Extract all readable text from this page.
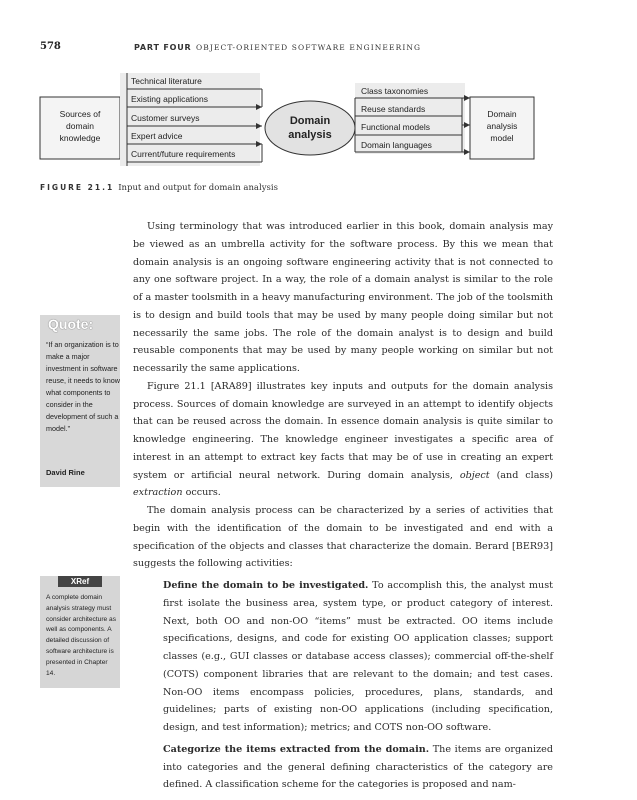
578	PART FOUR OBJECT-ORIENTED SOFTWARE ENGINEERING
Sources of
domain
knowledge
Technical literature
Existing applications
Customer surveys
Expert advice
Current/future requirements
Domain
analysis
Class taxonomies
Reuse standards
Functional models
Domain languages
Domain
analysis
model
FIGURE 21.1 Input and output for domain analysis
Quote:
“If an organization is to make a major investment in software reuse, it needs to know what components to consider in the development of such a model.”
David Rine
XRef
A complete domain analysis strategy must consider architecture as well as components. A detailed discussion of software architecture is presented in Chapter 14.

Using terminology that was introduced earlier in this book, domain analysis may be viewed as an umbrella activity for the software process. By this we mean that domain analysis is an ongoing software engineering activity that is not connected to any one software project. In a way, the role of a domain analyst is similar to the role of a master toolsmith in a heavy manufacturing environment. The job of the toolsmith is to design and build tools that may be used by many people doing similar but not necessarily the same jobs. The role of the domain analyst is to design and build reusable components that may be used by many people working on similar but not necessarily the same applications.

Figure 21.1 [ARA89] illustrates key inputs and outputs for the domain analysis process. Sources of domain knowledge are surveyed in an attempt to identify objects that can be reused across the domain. In essence domain analysis is quite similar to knowledge engineering. The knowledge engineer investigates a specific area of interest in an attempt to extract key facts that may be of use in creating an expert system or artificial neural network. During domain analysis, object (and class) extraction occurs.

The domain analysis process can be characterized by a series of activities that begin with the identification of the domain to be investigated and end with a specification of the objects and classes that characterize the domain. Berard [BER93] suggests the following activities:

Define the domain to be investigated. To accomplish this, the analyst must first isolate the business area, system type, or product category of interest. Next, both OO and non-OO “items” must be extracted. OO items include specifications, designs, and code for existing OO application classes; support classes (e.g., GUI classes or database access classes); commercial off-the-shelf (COTS) component libraries that are relevant to the domain; and test cases. Non-OO items encompass policies, procedures, plans, standards, and guidelines; parts of existing non-OO applications (including specification, design, and test information); metrics; and COTS non-OO software.

Categorize the items extracted from the domain. The items are organized into categories and the general defining characteristics of the category are defined. A classification scheme for the categories is proposed and nam-
